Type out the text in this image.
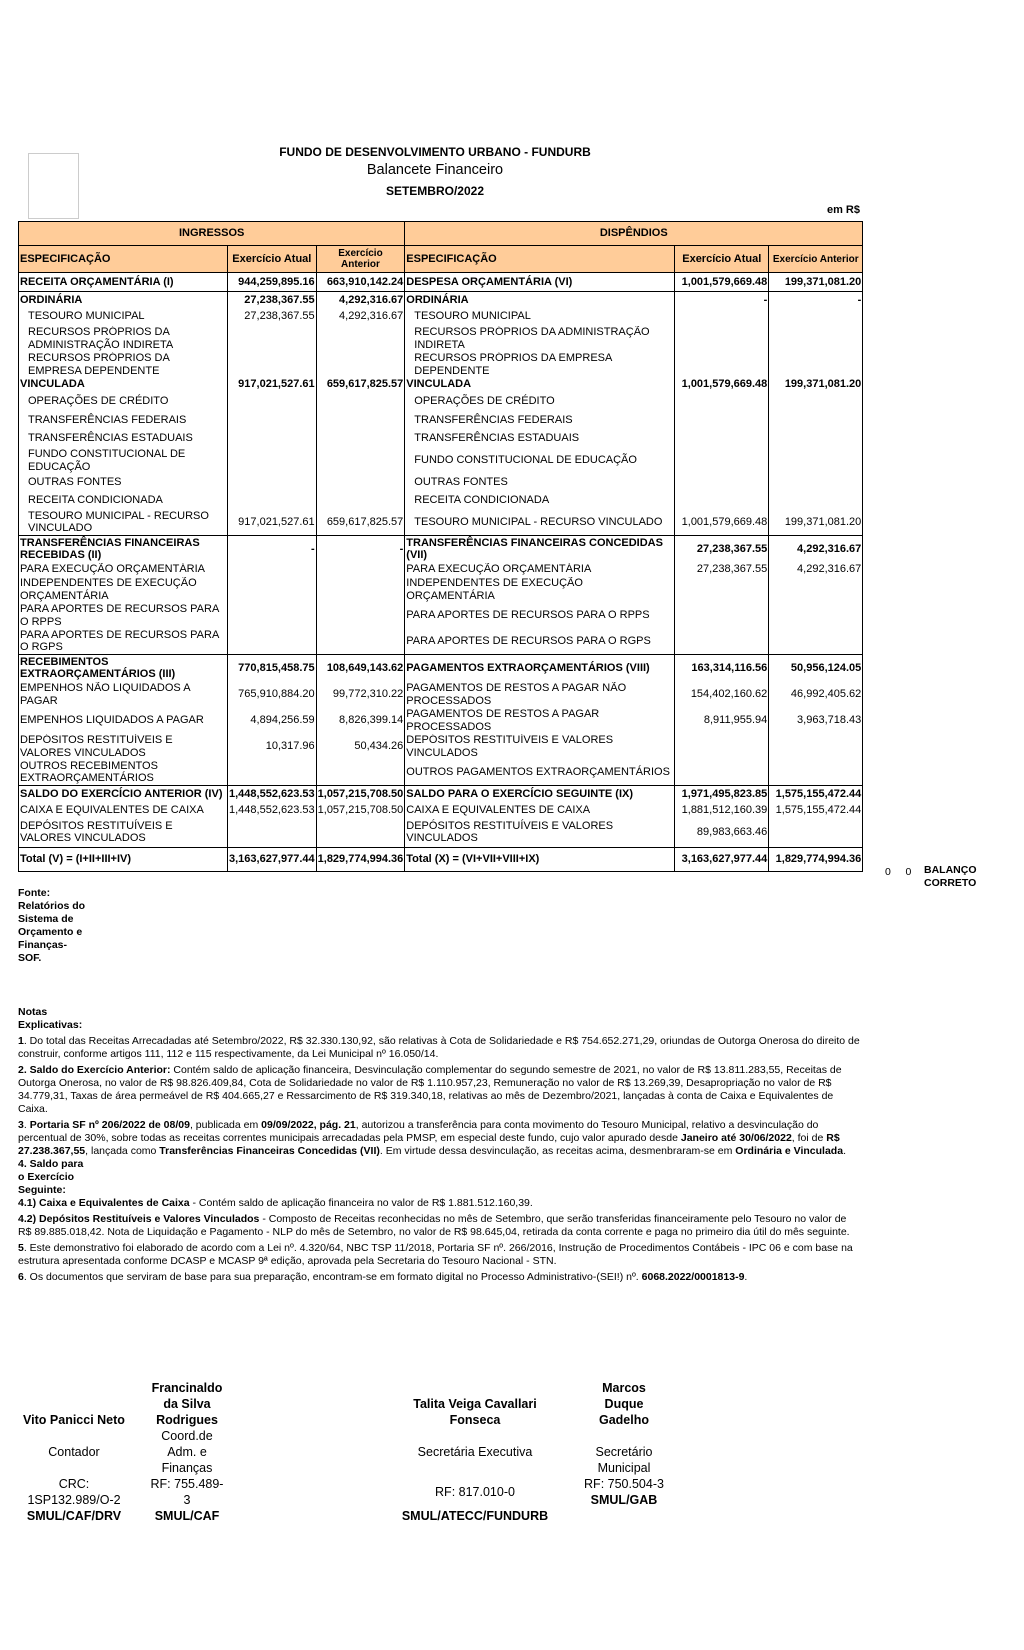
FUNDO DE DESENVOLVIMENTO URBANO - FUNDURB
Balancete Financeiro
SETEMBRO/2022
em R$
INGRESSOS			DISPÊNDIOS		
ESPECIFICAÇÃO	Exercício Atual	Exercício Anterior	ESPECIFICAÇÃO	Exercício Atual	Exercício Anterior
RECEITA ORÇAMENTÁRIA (I)	944,259,895.16	663,910,142.24	DESPESA ORÇAMENTÁRIA (VI)	1,001,579,669.48	199,371,081.20
ORDINÁRIA	27,238,367.55	4,292,316.67	ORDINÁRIA	-	-
TESOURO MUNICIPAL	27,238,367.55	4,292,316.67	TESOURO MUNICIPAL		
RECURSOS PRÓPRIOS DA ADMINISTRAÇÃO INDIRETA			RECURSOS PRÓPRIOS DA ADMINISTRAÇÃO INDIRETA		
RECURSOS PRÓPRIOS DA EMPRESA DEPENDENTE			RECURSOS PRÓPRIOS DA EMPRESA DEPENDENTE		
VINCULADA	917,021,527.61	659,617,825.57	VINCULADA	1,001,579,669.48	199,371,081.20
OPERAÇÕES DE CRÉDITO			OPERAÇÕES DE CRÉDITO		
TRANSFERÊNCIAS FEDERAIS			TRANSFERÊNCIAS FEDERAIS		
TRANSFERÊNCIAS ESTADUAIS			TRANSFERÊNCIAS ESTADUAIS		
FUNDO CONSTITUCIONAL DE EDUCAÇÃO			FUNDO CONSTITUCIONAL DE EDUCAÇÃO		
OUTRAS FONTES			OUTRAS FONTES		
RECEITA CONDICIONADA			RECEITA CONDICIONADA		
TESOURO MUNICIPAL - RECURSO VINCULADO	917,021,527.61	659,617,825.57	TESOURO MUNICIPAL - RECURSO VINCULADO	1,001,579,669.48	199,371,081.20
TRANSFERÊNCIAS FINANCEIRAS RECEBIDAS (II)	-	-	TRANSFERÊNCIAS FINANCEIRAS CONCEDIDAS (VII)	27,238,367.55	4,292,316.67
PARA EXECUÇÃO ORÇAMENTÁRIA			PARA EXECUÇÃO ORÇAMENTÁRIA	27,238,367.55	4,292,316.67
INDEPENDENTES DE EXECUÇÃO ORÇAMENTÁRIA			INDEPENDENTES DE EXECUÇÃO ORÇAMENTÁRIA		
PARA APORTES DE RECURSOS PARA O RPPS			PARA APORTES DE RECURSOS PARA O RPPS		
PARA APORTES DE RECURSOS PARA O RGPS			PARA APORTES DE RECURSOS PARA O RGPS		
RECEBIMENTOS EXTRAORÇAMENTÁRIOS (III)	770,815,458.75	108,649,143.62	PAGAMENTOS EXTRAORÇAMENTÁRIOS (VIII)	163,314,116.56	50,956,124.05
EMPENHOS NÃO LIQUIDADOS A PAGAR	765,910,884.20	99,772,310.22	PAGAMENTOS DE RESTOS A PAGAR NÃO PROCESSADOS	154,402,160.62	46,992,405.62
EMPENHOS LIQUIDADOS A PAGAR	4,894,256.59	8,826,399.14	PAGAMENTOS DE RESTOS A PAGAR PROCESSADOS	8,911,955.94	3,963,718.43
DEPÓSITOS RESTITUÍVEIS E VALORES VINCULADOS	10,317.96	50,434.26	DEPÓSITOS RESTITUÍVEIS E VALORES VINCULADOS		
OUTROS RECEBIMENTOS EXTRAORÇAMENTÁRIOS			OUTROS PAGAMENTOS EXTRAORÇAMENTÁRIOS		
SALDO DO EXERCÍCIO ANTERIOR (IV)	1,448,552,623.53	1,057,215,708.50	SALDO PARA O EXERCÍCIO SEGUINTE (IX)	1,971,495,823.85	1,575,155,472.44
CAIXA E EQUIVALENTES DE CAIXA	1,448,552,623.53	1,057,215,708.50	CAIXA E EQUIVALENTES DE CAIXA	1,881,512,160.39	1,575,155,472.44
DEPÓSITOS RESTITUÍVEIS E VALORES VINCULADOS			DEPÓSITOS RESTITUÍVEIS E VALORES VINCULADOS	89,983,663.46	
Total (V) = (I+II+III+IV)	3,163,627,977.44	1,829,774,994.36	Total (X) = (VI+VII+VIII+IX)	3,163,627,977.44	1,829,774,994.36
0 0 BALANÇO CORRETO
Fonte: Relatórios do Sistema de Orçamento e Finanças- SOF.

Notas Explicativas:

1. Do total das Receitas Arrecadadas até Setembro/2022, R$ 32.330.130,92, são relativas à Cota de Solidariedade e R$ 754.652.271,29, oriundas de Outorga Onerosa do direito de construir, conforme artigos 111, 112 e 115 respectivamente, da Lei Municipal nº 16.050/14.

2. Saldo do Exercício Anterior: Contém saldo de aplicação financeira, Desvinculação complementar do segundo semestre de 2021, no valor de R$ 13.811.283,55, Receitas de Outorga Onerosa, no valor de R$ 98.826.409,84, Cota de Solidariedade no valor de R$ 1.110.957,23, Remuneração no valor de R$ 13.269,39, Desapropriação no valor de R$ 34.779,31, Taxas de área permeável de R$ 404.665,27 e Ressarcimento de R$ 319.340,18, relativas ao mês de Dezembro/2021, lançadas à conta de Caixa e Equivalentes de Caixa.

3. Portaria SF nº 206/2022 de 08/09, publicada em 09/09/2022, pág. 21, autorizou a transferência para conta movimento do Tesouro Municipal, relativo a desvinculação do percentual de 30%, sobre todas as receitas correntes municipais arrecadadas pela PMSP, em especial deste fundo, cujo valor apurado desde Janeiro até 30/06/2022, foi de R$ 27.238.367,55, lançada como Transferências Financeiras Concedidas (VII). Em virtude dessa desvinculação, as receitas acima, desmenbraram-se em Ordinária e Vinculada.

4. Saldo para o Exercício Seguinte:

4.1) Caixa e Equivalentes de Caixa - Contém saldo de aplicação financeira no valor de R$ 1.881.512.160,39.

4.2) Depósitos Restituíveis e Valores Vinculados - Composto de Receitas reconhecidas no mês de Setembro, que serão transferidas financeiramente pelo Tesouro no valor de R$ 89.885.018,42. Nota de Liquidação e Pagamento - NLP do mês de Setembro, no valor de R$ 98.645,04, retirada da conta corrente e paga no primeiro dia útil do mês seguinte.

5. Este demonstrativo foi elaborado de acordo com a Lei nº. 4.320/64, NBC TSP 11/2018, Portaria SF nº. 266/2016, Instrução de Procedimentos Contábeis - IPC 06 e com base na estrutura apresentada conforme DCASP e MCASP 9ª edição, aprovada pela Secretaria do Tesouro Nacional - STN.

6. Os documentos que serviram de base para sua preparação, encontram-se em formato digital no Processo Administrativo-(SEI!) nº. 6068.2022/0001813-9.

Vito Panicci Neto
Contador
CRC: 1SP132.989/O-2
SMUL/CAF/DRV
Francinaldo da Silva Rodrigues
Coord.de Adm. e Finanças
RF: 755.489-3
SMUL/CAF
Talita Veiga Cavallari Fonseca
Secretária Executiva
RF: 817.010-0
SMUL/ATECC/FUNDURB
Marcos Duque Gadelho
Secretário Municipal
RF: 750.504-3
SMUL/GAB
